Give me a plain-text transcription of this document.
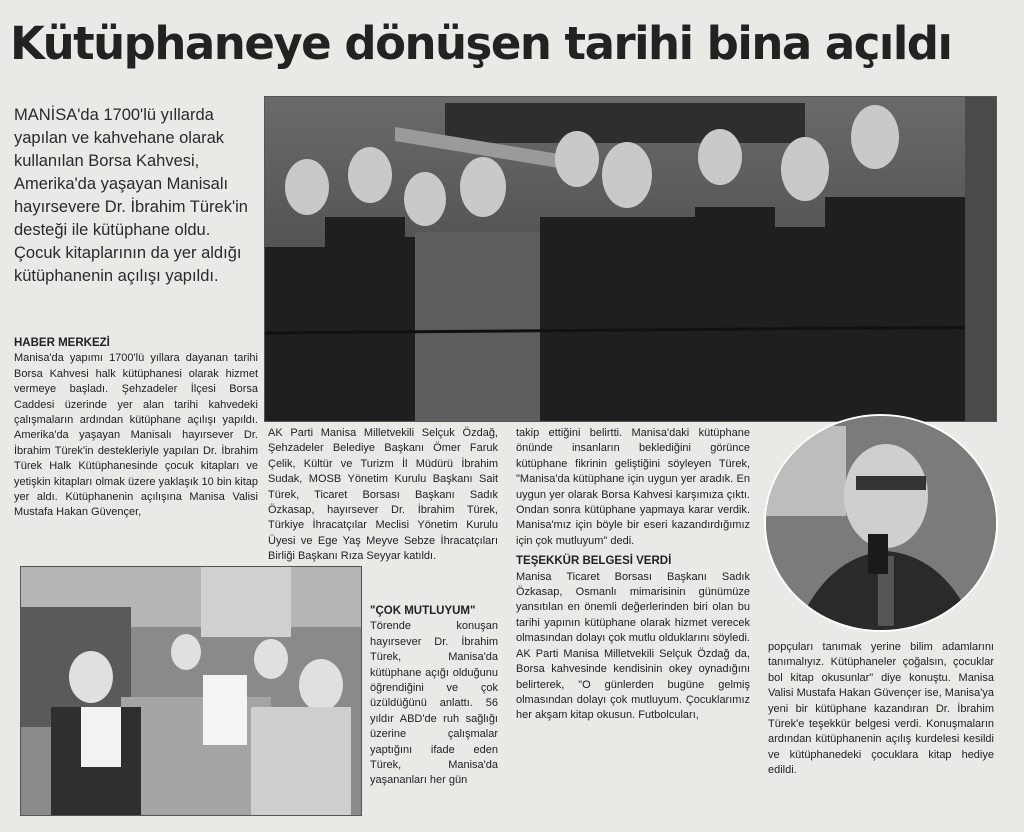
Kütüphaneye dönüşen tarihi bina açıldı

MANİSA'da 1700'lü yıllarda yapılan ve kahvehane olarak kullanılan Borsa Kahvesi, Amerika'da yaşayan Manisalı hayırsevere Dr. İbrahim Türek'in desteği ile kütüphane oldu. Çocuk kitaplarının da yer aldığı kütüphanenin açılışı yapıldı.

HABER MERKEZİ

Manisa'da yapımı 1700'lü yıllara dayanan tarihi Borsa Kahvesi halk kütüphanesi olarak hizmet vermeye başladı. Şehzadeler İlçesi Borsa Caddesi üzerinde yer alan tarihi kahvedeki çalışmaların ardından kütüphane açılışı yapıldı. Amerika'da yaşayan Manisalı hayırsever Dr. İbrahim Türek'in destekleriyle yapılan Dr. İbrahim Türek Halk Kütüphanesinde çocuk kitapları ve yetişkin kitapları olmak üzere yaklaşık 10 bin kitap yer aldı. Kütüphanenin açılışına Manisa Valisi Mustafa Hakan Güvençer,

AK Parti Manisa Milletvekili Selçuk Özdağ, Şehzadeler Belediye Başkanı Ömer Faruk Çelik, Kültür ve Turizm İl Müdürü İbrahim Sudak, MOSB Yönetim Kurulu Başkanı Sait Türek, Ticaret Borsası Başkanı Sadık Özkasap, hayırsever Dr. İbrahim Türek, Türkiye İhracatçılar Meclisi Yönetim Kurulu Üyesi ve Ege Yaş Meyve Sebze İhracatçıları Birliği Başkanı Rıza Seyyar katıldı.

"ÇOK MUTLUYUM"

Törende konuşan hayırsever Dr. İbrahim Türek, Manisa'da kütüphane açığı olduğunu öğrendiğini ve çok üzüldüğünü anlattı. 56 yıldır ABD'de ruh sağlığı üzerine çalışmalar yaptığını ifade eden Türek, Manisa'da yaşananları her gün

takip ettiğini belirtti. Manisa'daki kütüphane önünde insanların beklediğini görünce kütüphane fikrinin geliştiğini söyleyen Türek, "Manisa'da kütüphane için uygun yer aradık. En uygun yer olarak Borsa Kahvesi karşımıza çıktı. Ondan sonra kütüphane yapmaya karar verdik. Manisa'mız için böyle bir eseri kazandırdığımız için çok mutluyum" dedi.

TEŞEKKÜR BELGESİ VERDİ

Manisa Ticaret Borsası Başkanı Sadık Özkasap, Osmanlı mimarisinin günümüze yansıtılan en önemli değerlerinden biri olan bu tarihi yapının kütüphane olarak hizmet verecek olmasından dolayı çok mutlu olduklarını söyledi. AK Parti Manisa Milletvekili Selçuk Özdağ da, Borsa kahvesinde kendisinin okey oynadığını belirterek, "O günlerden bugüne gelmiş olmasından dolayı çok mutluyum. Çocuklarımız her akşam kitap okusun. Futbolcuları,

popçuları tanımak yerine bilim adamlarını tanımalıyız. Kütüphaneler çoğalsın, çocuklar bol kitap okusunlar" diye konuştu. Manisa Valisi Mustafa Hakan Güvençer ise, Manisa'ya yeni bir kütüphane kazandıran Dr. İbrahim Türek'e teşekkür belgesi verdi. Konuşmaların ardından kütüphanenin açılış kurdelesi kesildi ve kütüphanedeki çocuklara kitap hediye edildi.
